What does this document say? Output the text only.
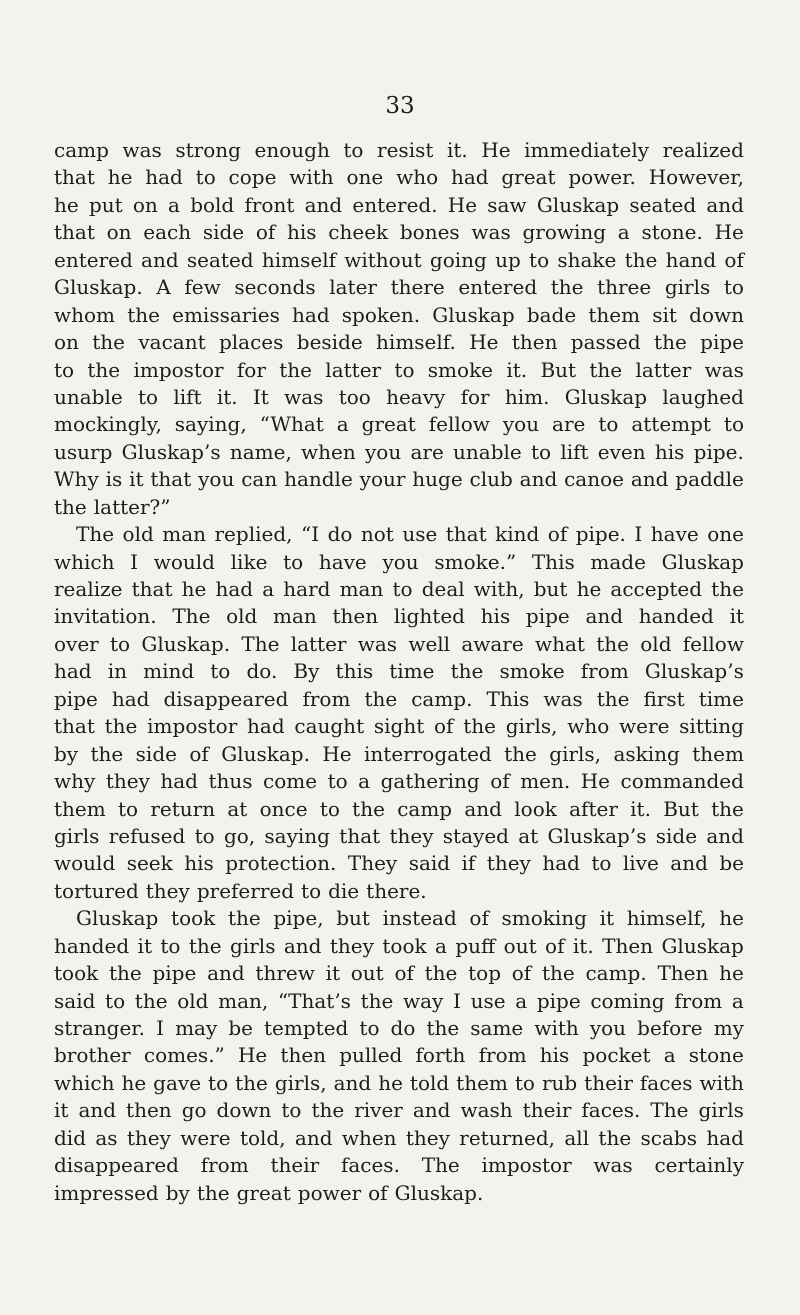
33
camp was strong enough to resist it. He immediately realized
that he had to cope with one who had great power. However,
he put on a bold front and entered. He saw Gluskap seated and
that on each side of his cheek bones was growing a stone. He
entered and seated himself without going up to shake the hand of
Gluskap. A few seconds later there entered the three girls to
whom the emissaries had spoken. Gluskap bade them sit down
on the vacant places beside himself. He then passed the pipe
to the impostor for the latter to smoke it. But the latter was
unable to lift it. It was too heavy for him. Gluskap laughed
mockingly, saying, “What a great fellow you are to attempt to
usurp Gluskap’s name, when you are unable to lift even his pipe.
Why is it that you can handle your huge club and canoe and paddle
the latter?”
The old man replied, “I do not use that kind of pipe. I have one
which I would like to have you smoke.” This made Gluskap
realize that he had a hard man to deal with, but he accepted the
invitation. The old man then lighted his pipe and handed it
over to Gluskap. The latter was well aware what the old fellow
had in mind to do. By this time the smoke from Gluskap’s
pipe had disappeared from the camp. This was the first time
that the impostor had caught sight of the girls, who were sitting
by the side of Gluskap. He interrogated the girls, asking them
why they had thus come to a gathering of men. He commanded
them to return at once to the camp and look after it. But the
girls refused to go, saying that they stayed at Gluskap’s side and
would seek his protection. They said if they had to live and be
tortured they preferred to die there.
Gluskap took the pipe, but instead of smoking it himself, he
handed it to the girls and they took a puff out of it. Then Gluskap
took the pipe and threw it out of the top of the camp. Then he
said to the old man, “That’s the way I use a pipe coming from a
stranger. I may be tempted to do the same with you before my
brother comes.” He then pulled forth from his pocket a stone
which he gave to the girls, and he told them to rub their faces with
it and then go down to the river and wash their faces. The girls
did as they were told, and when they returned, all the scabs had
disappeared from their faces. The impostor was certainly
impressed by the great power of Gluskap.
